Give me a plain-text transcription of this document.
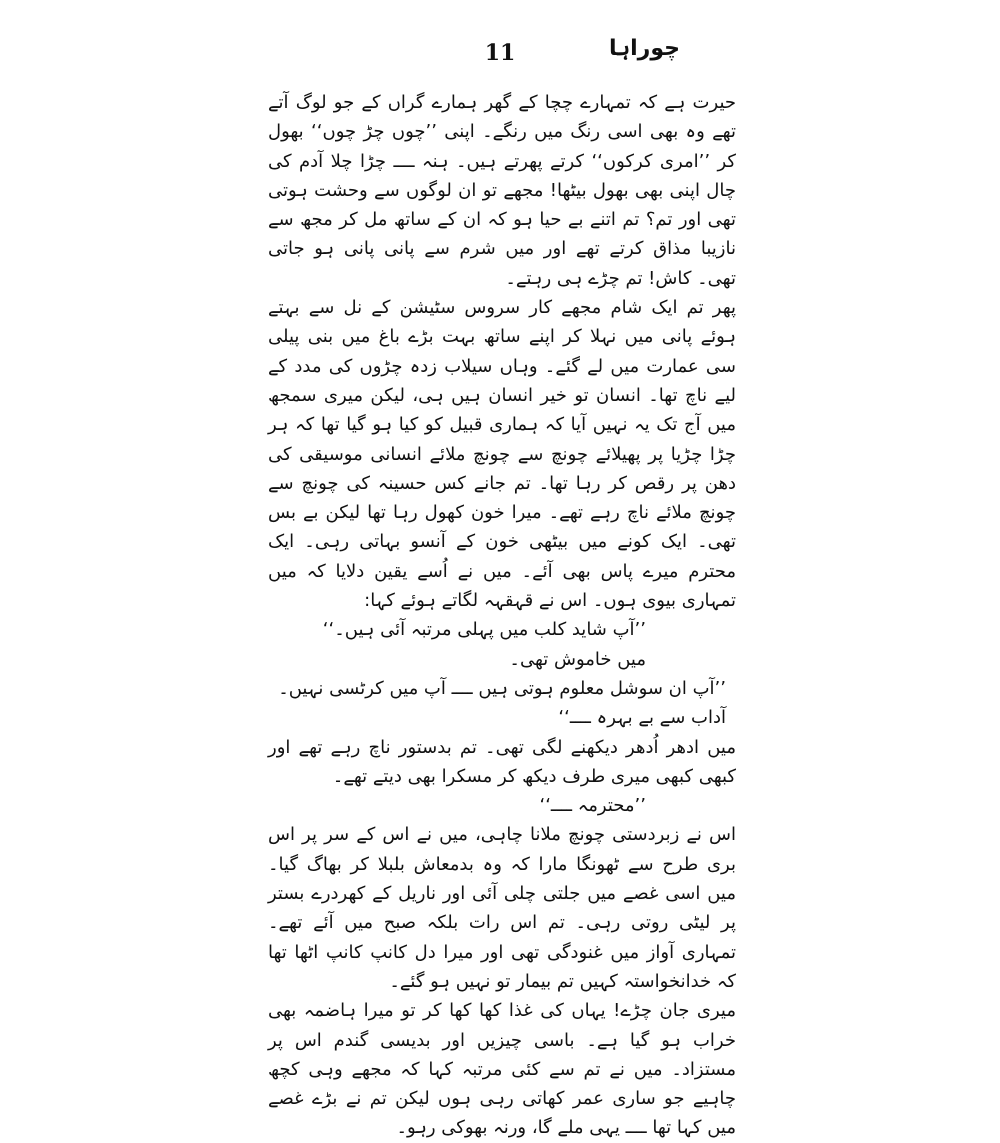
11	چوراہا

حیرت ہے کہ تمہارے چچا کے گھر ہمارے گراں کے جو لوگ آتے تھے وہ بھی اسی رنگ میں رنگے۔ اپنی ’’چوں چڑ چوں‘‘ بھول کر ’’امری کرکوں‘‘ کرتے پھرتے ہیں۔ ہنہ ــــ چڑا چلا آدم کی چال اپنی بھی بھول بیٹھا! مجھے تو ان لوگوں سے وحشت ہوتی تھی اور تم؟ تم اتنے بے حیا ہو کہ ان کے ساتھ مل کر مجھ سے نازیبا مذاق کرتے تھے اور میں شرم سے پانی پانی ہو جاتی تھی۔ کاش! تم چڑے ہی رہتے۔

پھر تم ایک شام مجھے کار سروس سٹیشن کے نل سے بہتے ہوئے پانی میں نہلا کر اپنے ساتھ بہت بڑے باغ میں بنی پیلی سی عمارت میں لے گئے۔ وہاں سیلاب زدہ چڑوں کی مدد کے لیے ناچ تھا۔ انسان تو خیر انسان ہیں ہی، لیکن میری سمجھ میں آج تک یہ نہیں آیا کہ ہماری قبیل کو کیا ہو گیا تھا کہ ہر چڑا چڑیا پر پھیلائے چونچ سے چونچ ملائے انسانی موسیقی کی دھن پر رقص کر رہا تھا۔ تم جانے کس حسینہ کی چونچ سے چونچ ملائے ناچ رہے تھے۔ میرا خون کھول رہا تھا لیکن بے بس تھی۔ ایک کونے میں بیٹھی خون کے آنسو بہاتی رہی۔ ایک محترم میرے پاس بھی آئے۔ میں نے اُسے یقین دلایا کہ میں تمہاری بیوی ہوں۔ اس نے قہقہہ لگاتے ہوئے کہا:

’’آپ شاید کلب میں پہلی مرتبہ آئی ہیں۔‘‘

میں خاموش تھی۔

’’آپ ان سوشل معلوم ہوتی ہیں ــــ آپ میں کرٹسی نہیں۔ آداب سے بے بہرہ ــــ‘‘

میں ادھر اُدھر دیکھنے لگی تھی۔ تم بدستور ناچ رہے تھے اور کبھی کبھی میری طرف دیکھ کر مسکرا بھی دیتے تھے۔

’’محترمہ ــــ‘‘

اس نے زبردستی چونچ ملانا چاہی، میں نے اس کے سر پر اس بری طرح سے ٹھونگا مارا کہ وہ بدمعاش بلبلا کر بھاگ گیا۔ میں اسی غصے میں جلتی چلی آئی اور ناریل کے کھردرے بستر پر لیٹی روتی رہی۔ تم اس رات بلکہ صبح میں آئے تھے۔ تمہاری آواز میں غنودگی تھی اور میرا دل کانپ کانپ اٹھا تھا کہ خدانخواستہ کہیں تم بیمار تو نہیں ہو گئے۔

میری جان چڑے! یہاں کی غذا کھا کھا کر تو میرا ہاضمہ بھی خراب ہو گیا ہے۔ باسی چیزیں اور بدیسی گندم اس پر مستزاد۔ میں نے تم سے کئی مرتبہ کہا کہ مجھے وہی کچھ چاہیے جو ساری عمر کھاتی رہی ہوں لیکن تم نے بڑے غصے میں کہا تھا ــــ یہی ملے گا، ورنہ بھوکی رہو۔
